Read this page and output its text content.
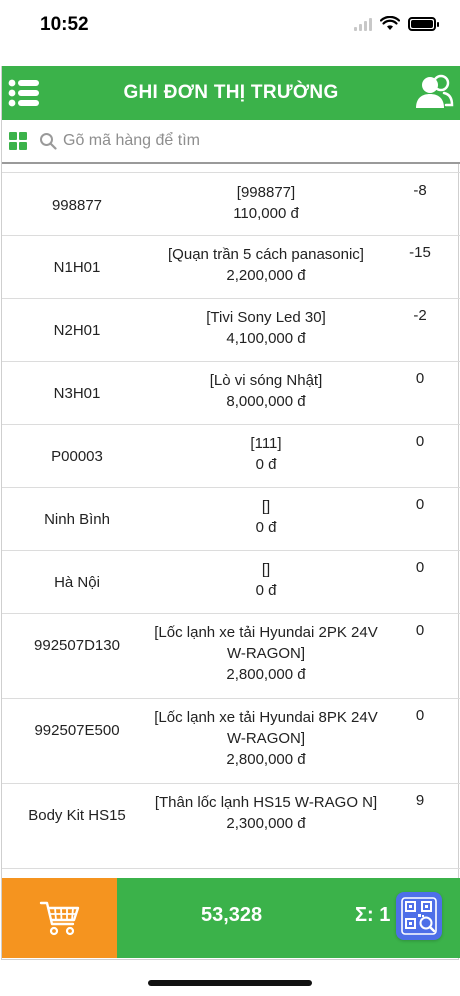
10:52
GHI ĐƠN THỊ TRƯỜNG
Gõ mã hàng để tìm
998877
[998877]
110,000 đ
-8
N1H01
[Quạn trần 5 cách panasonic]
2,200,000 đ
-15
N2H01
[Tivi Sony Led 30]
4,100,000 đ
-2
N3H01
[Lò vi sóng Nhật]
8,000,000 đ
0
P00003
[111]
0 đ
0
Ninh Bình
[]
0 đ
0
Hà Nội
[]
0 đ
0
992507D130
[Lốc lạnh xe tải Hyundai 2PK 24V W-RAGON]
2,800,000 đ
0
992507E500
[Lốc lạnh xe tải Hyundai 8PK 24V W-RAGON]
2,800,000 đ
0
Body Kit HS15
[Thân lốc lạnh HS15 W-RAGO N]
2,300,000 đ
9
53,328	Σ: 1
